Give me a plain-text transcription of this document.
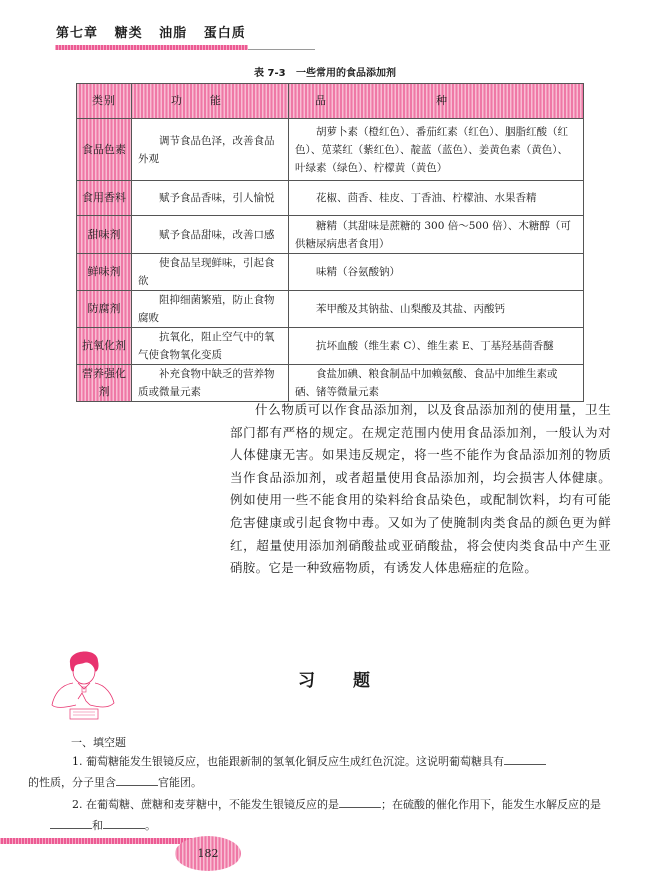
第七章   糖类   油脂   蛋白质
表 7-3   一些常用的食品添加剂
类别	功能	品种
食品色素	调节食品色泽，改善食品外观	胡萝卜素（橙红色）、番茄红素（红色）、胭脂红酸（红色）、苋菜红（紫红色）、靛蓝（蓝色）、姜黄色素（黄色）、叶绿素（绿色）、柠檬黄（黄色）

食用香料	赋予食品香味，引人愉悦	花椒、茴香、桂皮、丁香油、柠檬油、水果香精

甜味剂	赋予食品甜味，改善口感	糖精（其甜味是蔗糖的 300 倍～500 倍）、木糖醇（可供糖尿病患者食用）

鲜味剂	使食品呈现鲜味，引起食欲	味精（谷氨酸钠）

防腐剂	阻抑细菌繁殖，防止食物腐败	苯甲酸及其钠盐、山梨酸及其盐、丙酸钙

抗氧化剂	抗氧化，阻止空气中的氧气使食物氧化变质	抗坏血酸（维生素 C）、维生素 E、丁基羟基茴香醚

营养强化剂	补充食物中缺乏的营养物质或微量元素	食盐加碘、粮食制品中加赖氨酸、食品中加维生素或硒、锗等微量元素
什么物质可以作食品添加剂，以及食品添加剂的使用量，卫生部门都有严格的规定。在规定范围内使用食品添加剂，一般认为对人体健康无害。如果违反规定，将一些不能作为食品添加剂的物质当作食品添加剂，或者超量使用食品添加剂，均会损害人体健康。例如使用一些不能食用的染料给食品染色，或配制饮料，均有可能危害健康或引起食物中毒。又如为了使腌制肉类食品的颜色更为鲜红，超量使用添加剂硝酸盐或亚硝酸盐，将会使肉类食品中产生亚硝胺。它是一种致癌物质，有诱发人体患癌症的危险。
习题
一、填空题
1. 葡萄糖能发生银镜反应，也能跟新制的氢氧化铜反应生成红色沉淀。这说明葡萄糖具有
的性质，分子里含	官能团。
2. 在葡萄糖、蔗糖和麦芽糖中，不能发生银镜反应的是	；在硫酸的催化作用下，能发生水解反应的是和	。
182
